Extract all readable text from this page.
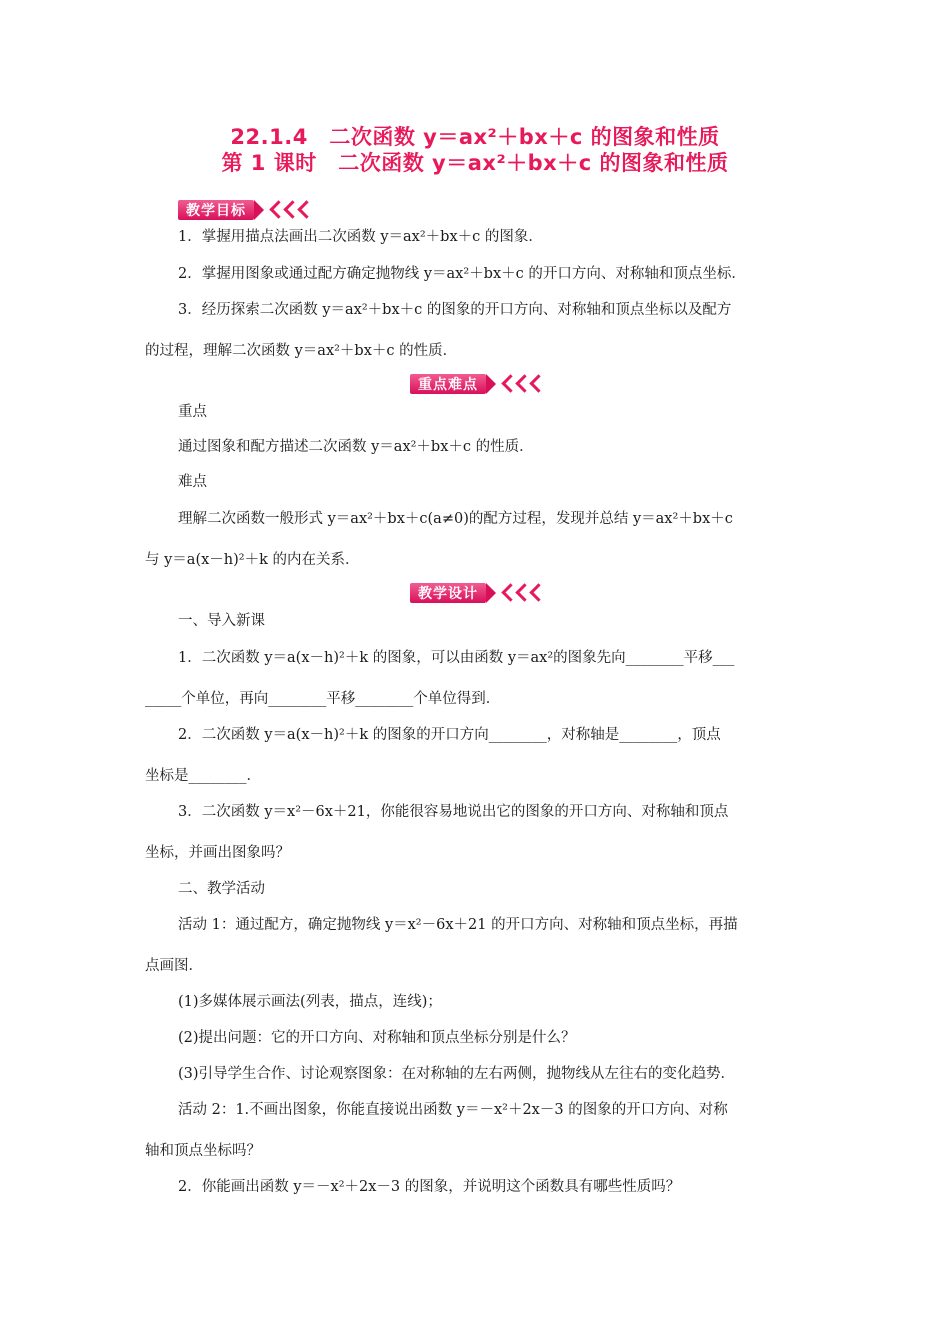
22.1.4　二次函数 y＝ax²＋bx＋c 的图象和性质
第 1 课时　二次函数 y＝ax²＋bx＋c 的图象和性质
教学目标
1．掌握用描点法画出二次函数 y＝ax²＋bx＋c 的图象．
2．掌握用图象或通过配方确定抛物线 y＝ax²＋bx＋c 的开口方向、对称轴和顶点坐标．
3．经历探索二次函数 y＝ax²＋bx＋c 的图象的开口方向、对称轴和顶点坐标以及配方
的过程，理解二次函数 y＝ax²＋bx＋c 的性质．
重点难点
重点
通过图象和配方描述二次函数 y＝ax²＋bx＋c 的性质．
难点
理解二次函数一般形式 y＝ax²＋bx＋c(a≠0)的配方过程，发现并总结 y＝ax²＋bx＋c
与 y＝a(x－h)²＋k 的内在关系．
教学设计
一、导入新课
1．二次函数 y＝a(x－h)²＋k 的图象，可以由函数 y＝ax²的图象先向________平移___
_____个单位，再向________平移________个单位得到．
2．二次函数 y＝a(x－h)²＋k 的图象的开口方向________，对称轴是________，顶点
坐标是________．
3．二次函数 y＝x²－6x＋21，你能很容易地说出它的图象的开口方向、对称轴和顶点
坐标，并画出图象吗？
二、教学活动
活动 1：通过配方，确定抛物线 y＝x²－6x＋21 的开口方向、对称轴和顶点坐标，再描
点画图．
(1)多媒体展示画法(列表，描点，连线)；
(2)提出问题：它的开口方向、对称轴和顶点坐标分别是什么？
(3)引导学生合作、讨论观察图象：在对称轴的左右两侧，抛物线从左往右的变化趋势．
活动 2：1.不画出图象，你能直接说出函数 y＝－x²＋2x－3 的图象的开口方向、对称
轴和顶点坐标吗？
2．你能画出函数 y＝－x²＋2x－3 的图象，并说明这个函数具有哪些性质吗？
